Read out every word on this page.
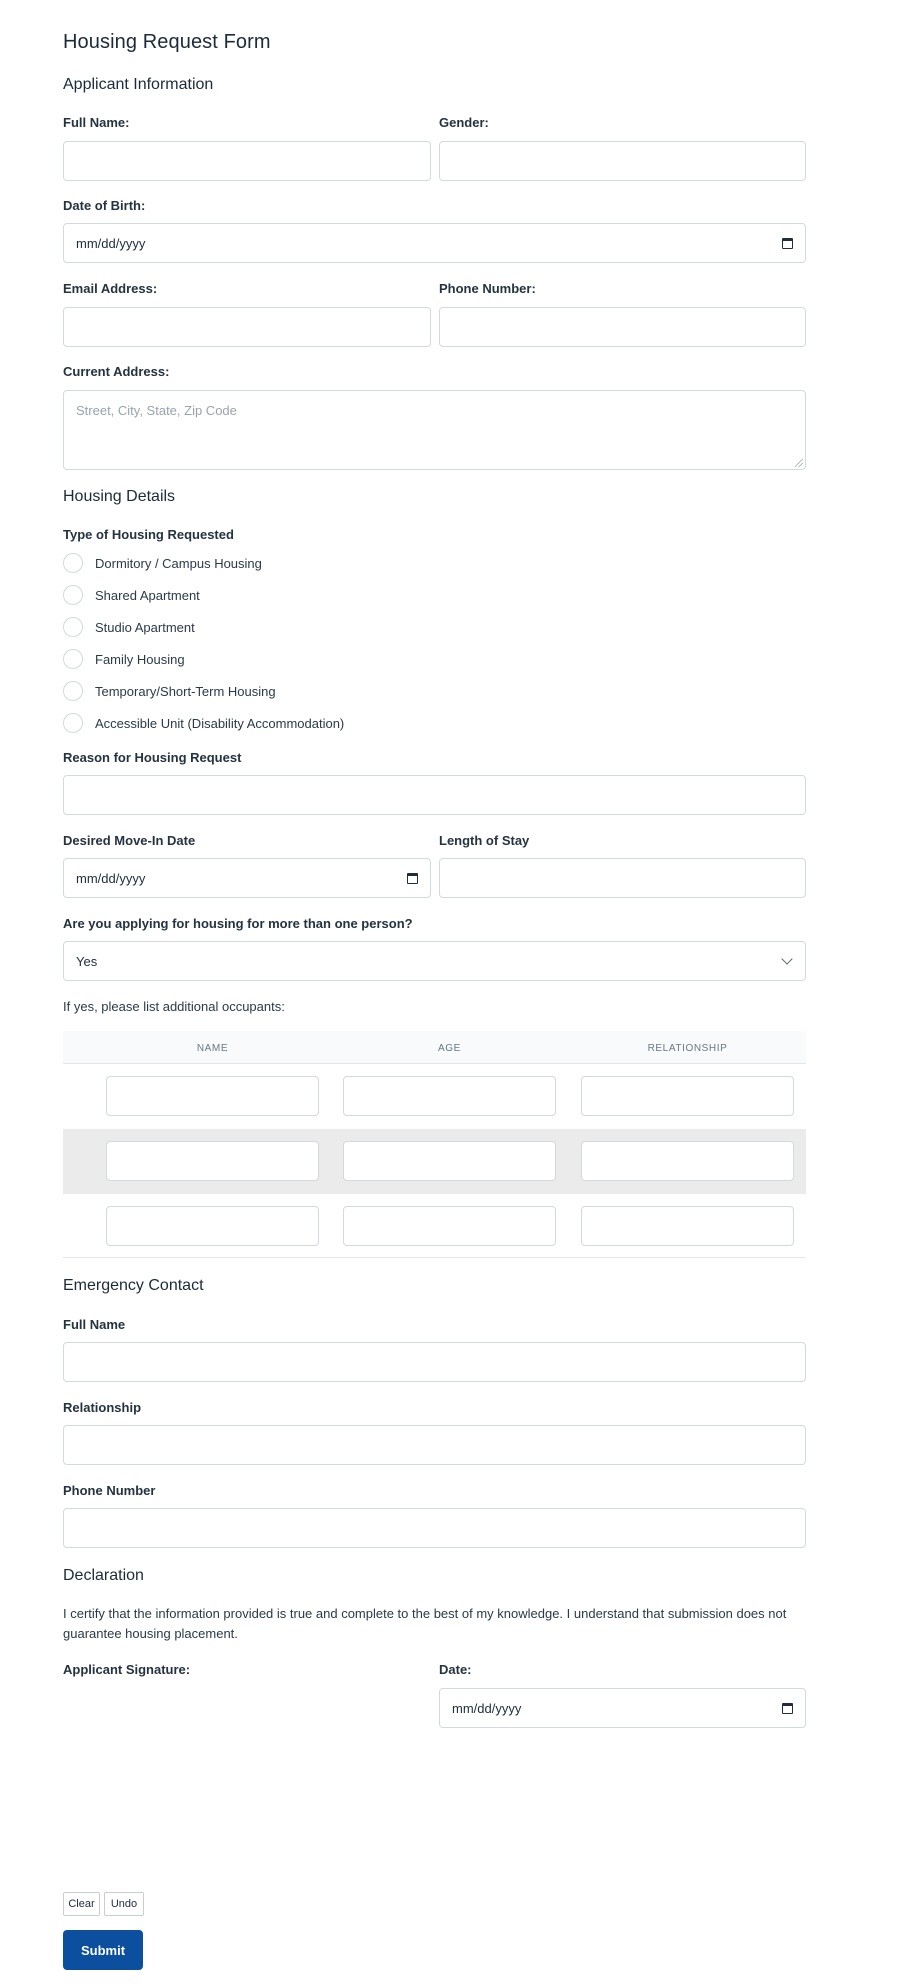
Housing Request Form
Applicant Information
Full Name:	Gender:
Date of Birth:
mm/dd/yyyy
Email Address:	Phone Number:
Current Address:
Street, City, State, Zip Code
Housing Details
Type of Housing Requested
Dormitory / Campus Housing
Shared Apartment
Studio Apartment
Family Housing
Temporary/Short-Term Housing
Accessible Unit (Disability Accommodation)
Reason for Housing Request
Desired Move-In Date	Length of Stay
mm/dd/yyyy
Are you applying for housing for more than one person?
Yes
If yes, please list additional occupants:
NAME	AGE	RELATIONSHIP
Emergency Contact
Full Name
Relationship
Phone Number
Declaration
I certify that the information provided is true and complete to the best of my knowledge. I understand that submission does not guarantee housing placement.
Applicant Signature:	Date:
mm/dd/yyyy
Clear	Undo
Submit
